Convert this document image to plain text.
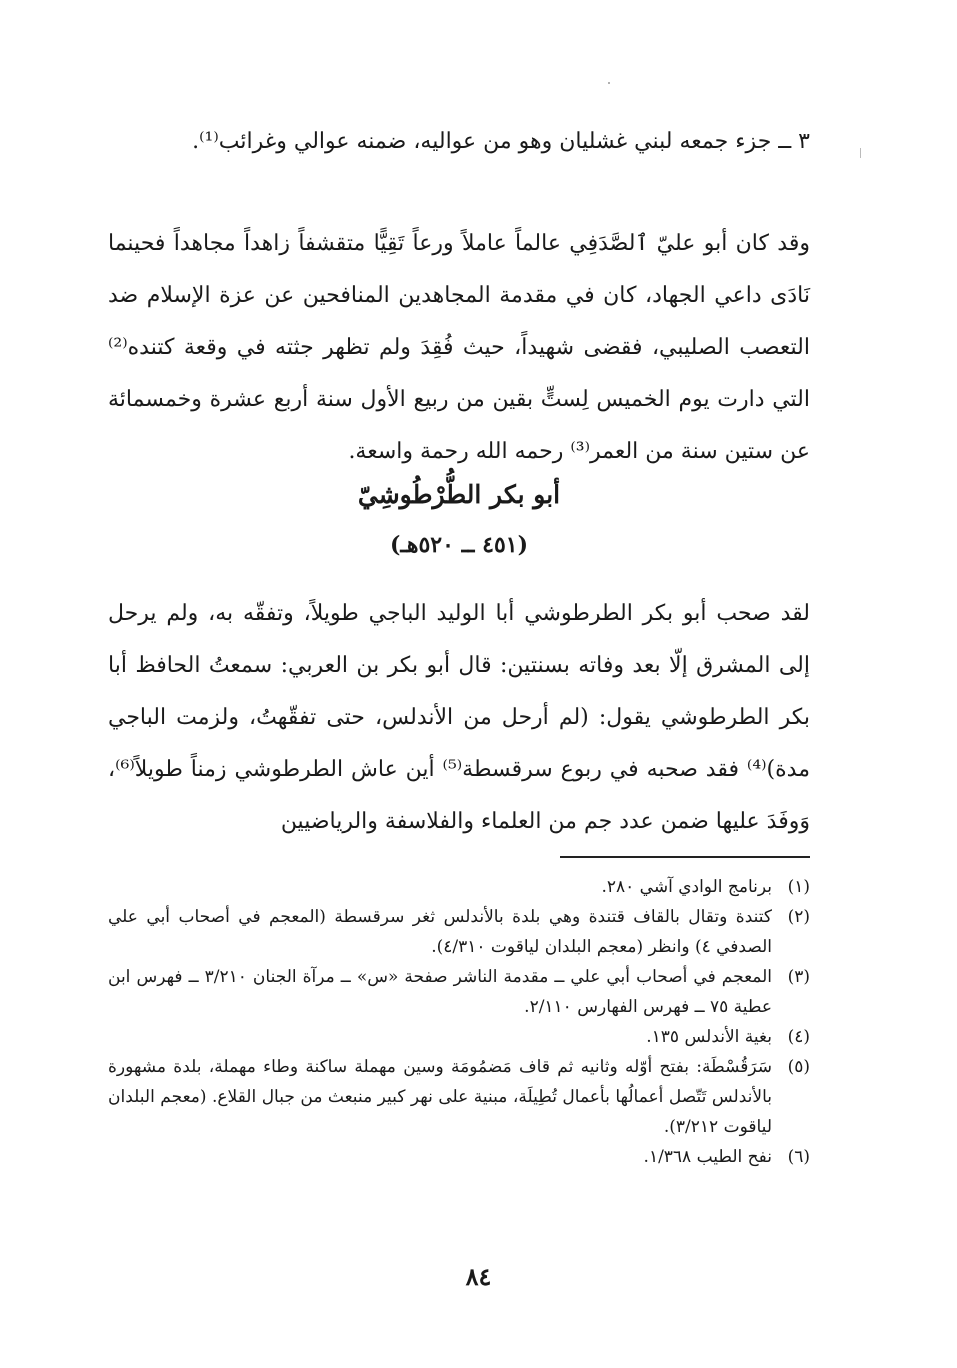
٣ ــ جزء جمعه لبني غشليان وهو من عواليه، ضمنه عوالي وغرائب⁽¹⁾.

وقد كان أبو عليّ ٱلصَّدَفِي عالماً عاملاً ورعاً تَقِيًّا متقشفاً زاهداً مجاهداً فحينما نَادَى داعي الجهاد، كان في مقدمة المجاهدين المنافحين عن عزة الإسلام ضد التعصب الصليبي، فقضى شهيداً، حيث فُقِدَ ولم تظهر جثته في وقعة كتنده⁽²⁾ التي دارت يوم الخميس لِستٍّ بقين من ربيع الأول سنة أربع عشرة وخمسمائة عن ستين سنة من العمر⁽³⁾ رحمه الله رحمة واسعة.

أبو بكر الطُّرْطُوشِيّ
(٤٥١ ــ ٥٢٠هـ)

لقد صحب أبو بكر الطرطوشي أبا الوليد الباجي طويلاً، وتفقّه به، ولم يرحل إلى المشرق إلّا بعد وفاته بسنتين: قال أبو بكر بن العربي: سمعتُ الحافظ أبا بكر الطرطوشي يقول: (لم أرحل من الأندلس، حتى تفقّهتُ، ولزمت الباجي مدة)⁽⁴⁾ فقد صحبه في ربوع سرقسطة⁽⁵⁾ أين عاش الطرطوشي زمناً طويلاً⁽⁶⁾، وَوفَدَ عليها ضمن عدد جم من العلماء والفلاسفة والرياضيين

(١)
برنامج الوادي آشي ٢٨٠.
(٢)
كتندة وتقال بالقاف قتندة وهي بلدة بالأندلس ثغر سرقسطة (المعجم في أصحاب أبي علي الصدفي ٤) وانظر (معجم البلدان لياقوت ٤/٣١٠).
(٣)
المعجم في أصحاب أبي علي ــ مقدمة الناشر صفحة «س» ــ مرآة الجنان ٣/٢١٠ ــ فهرس ابن عطية ٧٥ ــ فهرس الفهارس ٢/١١٠.
(٤)
بغية الأندلس ١٣٥.
(٥)
سَرَقُسْطَة: بفتح أوّله وثانيه ثم قاف مَضمُومَة وسين مهملة ساكنة وطاء مهملة، بلدة مشهورة بالأندلس تَتّصل أعمالُها بأعمال تُطِيلَة، مبنية على نهر كبير منبعث من جبال القلاع. (معجم البلدان لياقوت ٣/٢١٢).
(٦)
نفح الطيب ١/٣٦٨.
٨٤
